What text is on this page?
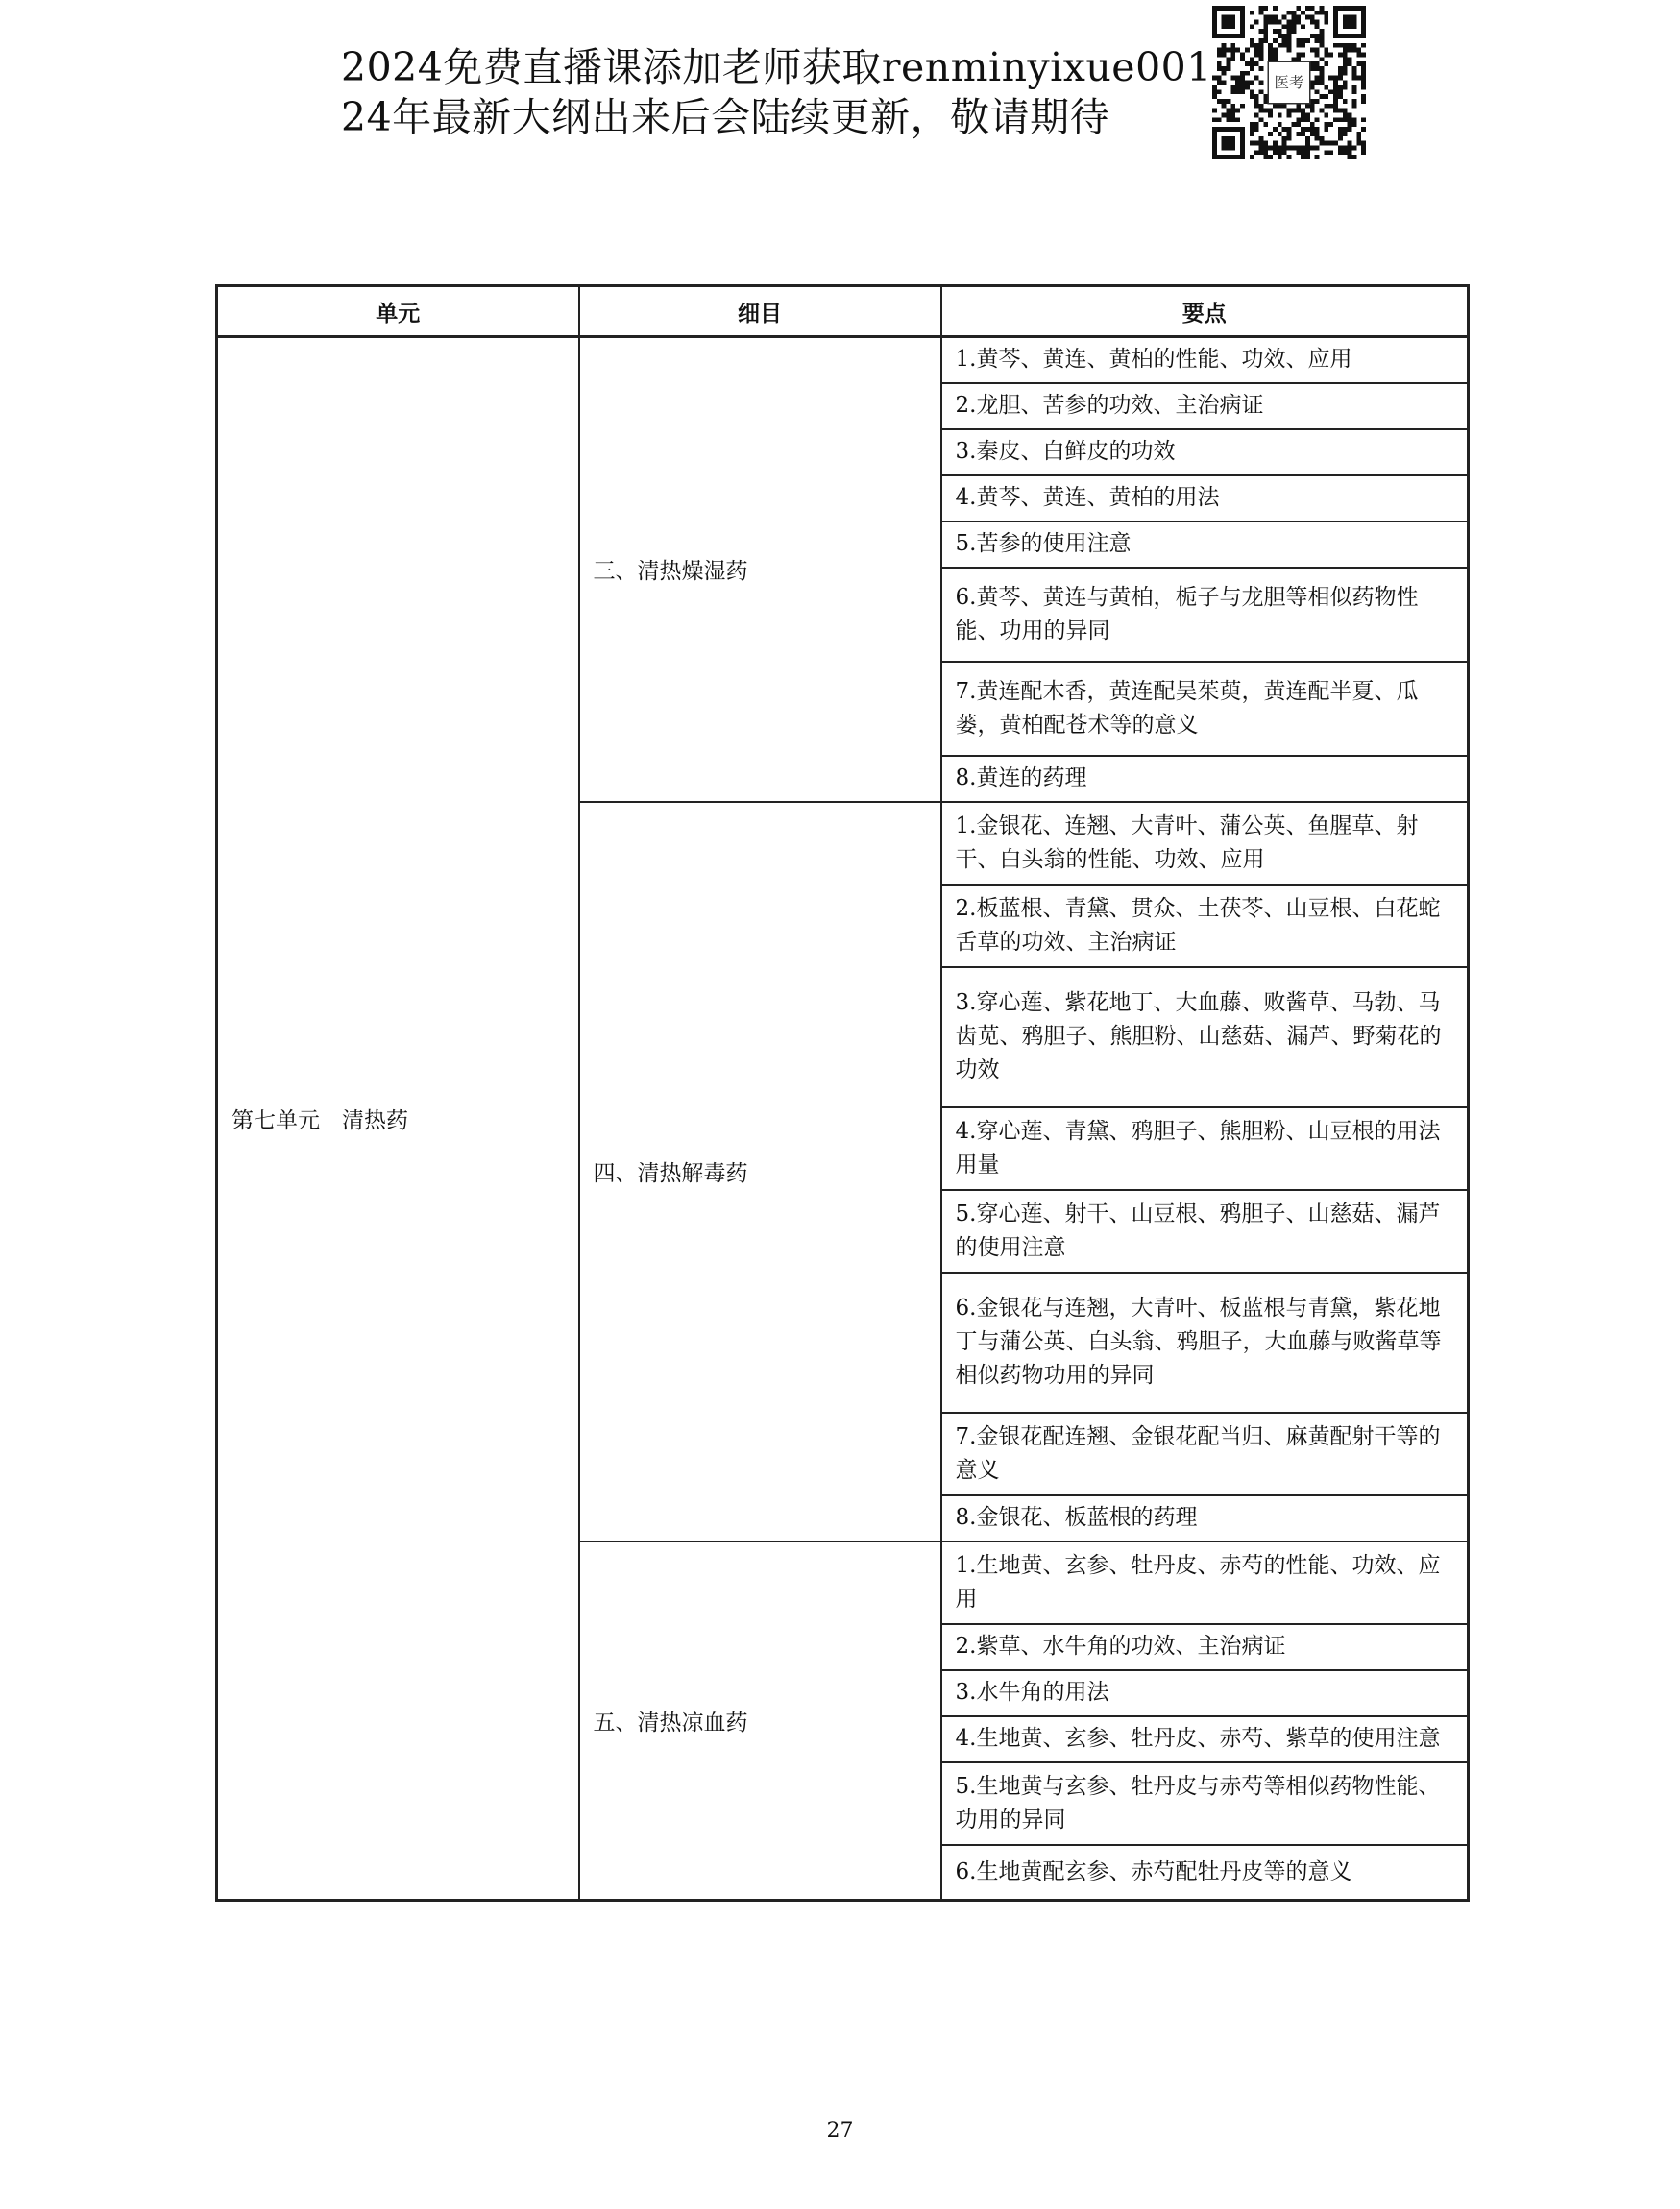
2024免费直播课添加老师获取renminyixue001
24年最新大纲出来后会陆续更新，敬请期待
医考
单元	细目	要点
第七单元　清热药	三、清热燥湿药	1.黄芩、黄连、黄柏的性能、功效、应用
		2.龙胆、苦参的功效、主治病证
		3.秦皮、白鲜皮的功效
		4.黄芩、黄连、黄柏的用法
		5.苦参的使用注意
		6.黄芩、黄连与黄柏，栀子与龙胆等相似药物性能、功用的异同
		7.黄连配木香，黄连配吴茱萸，黄连配半夏、瓜蒌，黄柏配苍术等的意义
		8.黄连的药理
	四、清热解毒药	1.金银花、连翘、大青叶、蒲公英、鱼腥草、射干、白头翁的性能、功效、应用
		2.板蓝根、青黛、贯众、土茯苓、山豆根、白花蛇舌草的功效、主治病证
		3.穿心莲、紫花地丁、大血藤、败酱草、马勃、马齿苋、鸦胆子、熊胆粉、山慈菇、漏芦、野菊花的功效
		4.穿心莲、青黛、鸦胆子、熊胆粉、山豆根的用法用量
		5.穿心莲、射干、山豆根、鸦胆子、山慈菇、漏芦的使用注意
		6.金银花与连翘，大青叶、板蓝根与青黛，紫花地丁与蒲公英、白头翁、鸦胆子，大血藤与败酱草等相似药物功用的异同
		7.金银花配连翘、金银花配当归、麻黄配射干等的意义
		8.金银花、板蓝根的药理
	五、清热凉血药	1.生地黄、玄参、牡丹皮、赤芍的性能、功效、应用
		2.紫草、水牛角的功效、主治病证
		3.水牛角的用法
		4.生地黄、玄参、牡丹皮、赤芍、紫草的使用注意
		5.生地黄与玄参、牡丹皮与赤芍等相似药物性能、功用的异同
		6.生地黄配玄参、赤芍配牡丹皮等的意义
27
